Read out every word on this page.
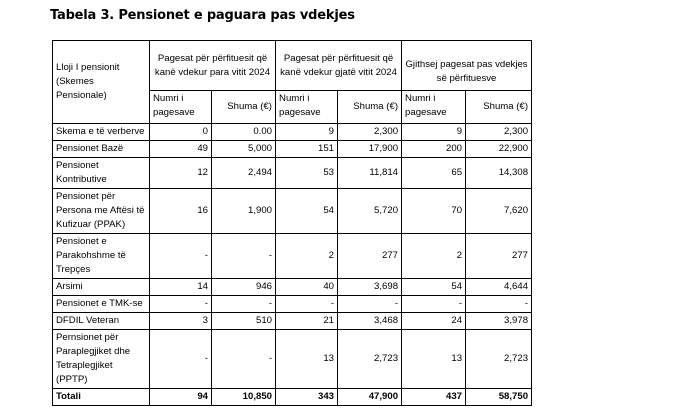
Tabela 3. Pensionet e paguara pas vdekjes
Lloji I pensionit (Skemes Pensionale)	Pagesat për përfituesit që kanë vdekur para vitit 2024		Pagesat për përfituesit që kanë vdekur gjatë vitit 2024		Gjithsej pagesat pas vdekjes së përfituesve	
	Numri i pagesave	Shuma (€)	Numri i pagesave	Shuma (€)	Numri i pagesave	Shuma (€)
Skema e të verberve	0	0.00	9	2,300	9	2,300
Pensionet Bazë	49	5,000	151	17,900	200	22,900
Pensionet Kontributive	12	2,494	53	11,814	65	14,308
Pensionet për Persona me Aftësi të Kufizuar (PPAK)	16	1,900	54	5,720	70	7,620
Pensionet e Parakohshme të Trepçes	-	-	2	277	2	277
Arsimi	14	946	40	3,698	54	4,644
Pensionet e TMK-se	-	-	-	-	-	-
DFDIL Veteran	3	510	21	3,468	24	3,978
Pernsionet për Paraplegjiket dhe Tetraplegjiket (PPTP)	-	-	13	2,723	13	2,723
Totali	94	10,850	343	47,900	437	58,750
